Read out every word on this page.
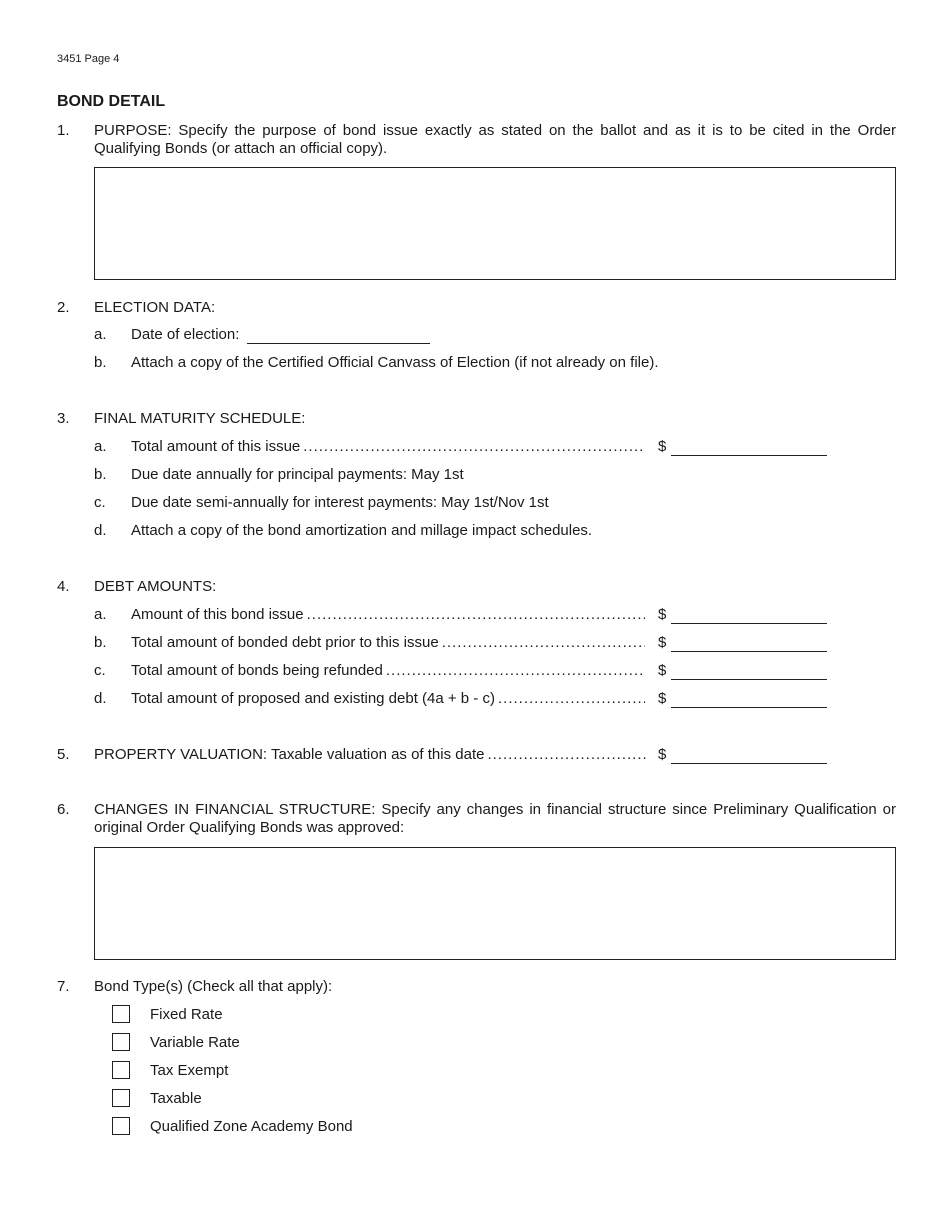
3451 Page 4
BOND DETAIL
1. PURPOSE: Specify the purpose of bond issue exactly as stated on the ballot and as it is to be cited in the Order Qualifying Bonds (or attach an official copy).
2. ELECTION DATA:
a. Date of election:
b. Attach a copy of the Certified Official Canvass of Election (if not already on file).
3. FINAL MATURITY SCHEDULE:
a. Total amount of this issue .....	$
b. Due date annually for principal payments: May 1st
c. Due date semi-annually for interest payments: May 1st/Nov 1st
d. Attach a copy of the bond amortization and millage impact schedules.
4. DEBT AMOUNTS:
a. Amount of this bond issue .....	$
b. Total amount of bonded debt prior to this issue .....	$
c. Total amount of bonds being refunded .....	$
d. Total amount of proposed and existing debt (4a + b - c) .....	$
5. PROPERTY VALUATION: Taxable valuation as of this date .....	$
6. CHANGES IN FINANCIAL STRUCTURE: Specify any changes in financial structure since Preliminary Qualification or original Order Qualifying Bonds was approved:
7. Bond Type(s) (Check all that apply):
Fixed Rate
Variable Rate
Tax Exempt
Taxable
Qualified Zone Academy Bond
